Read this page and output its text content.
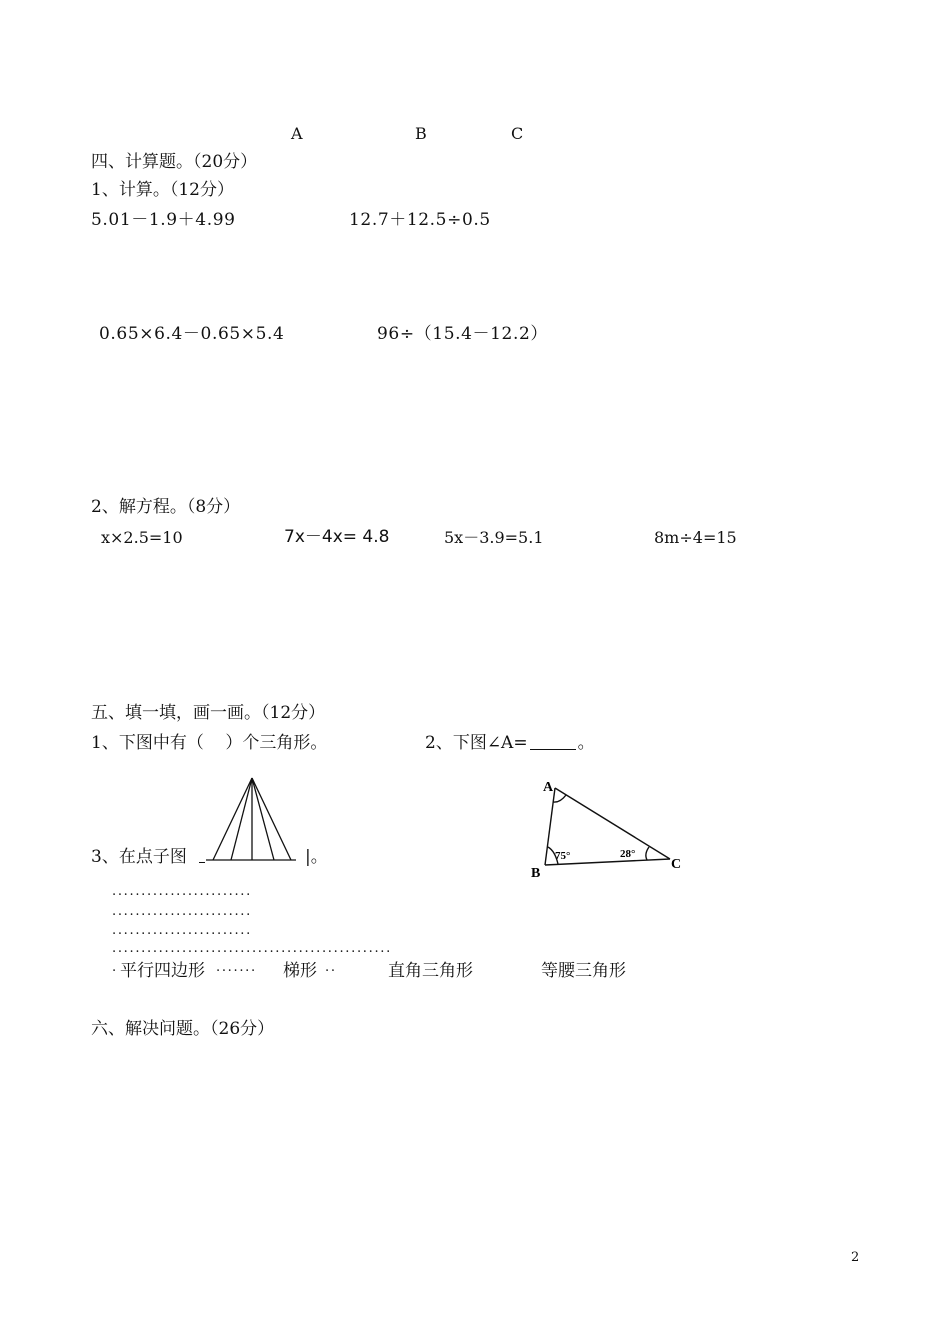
A	B	C
四、计算题。（20分）
1、计算。（12分）
5.01－1.9＋4.99	12.7＋12.5÷0.5
0.65×6.4－0.65×5.4	96÷（15.4－12.2）
2、解方程。（8分）
x×2.5=10	7x－4x= 4.8	5x－3.9=5.1	8m÷4=15
五、填一填，画一画。（12分）
1、下图中有（    ）个三角形。	2、下图∠A=	。
A
B
C
75°	28°
3、在点子图	|。
........................
........................
........................
................................................
. 平行四边形 ....... 梯形 ..	直角三角形	等腰三角形
六、解决问题。（26分）
2
